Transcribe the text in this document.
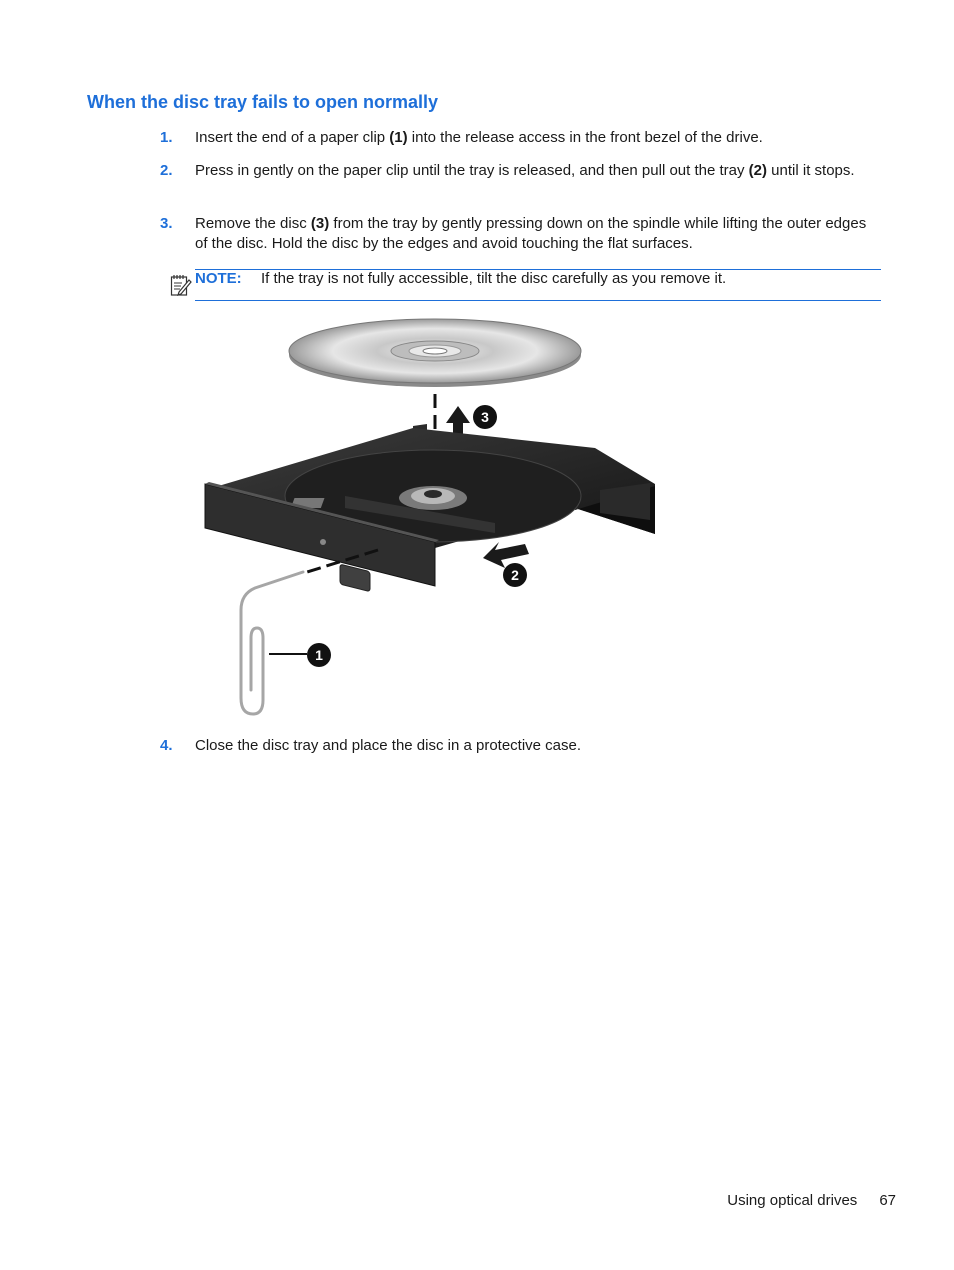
When the disc tray fails to open normally
1.	Insert the end of a paper clip (1) into the release access in the front bezel of the drive.
2.	Press in gently on the paper clip until the tray is released, and then pull out the tray (2) until it stops.
3.	Remove the disc (3) from the tray by gently pressing down on the spindle while lifting the outer edges of the disc. Hold the disc by the edges and avoid touching the flat surfaces.
NOTE: If the tray is not fully accessible, tilt the disc carefully as you remove it.
3
1
2
4.	Close the disc tray and place the disc in a protective case.
Using optical drives 67
